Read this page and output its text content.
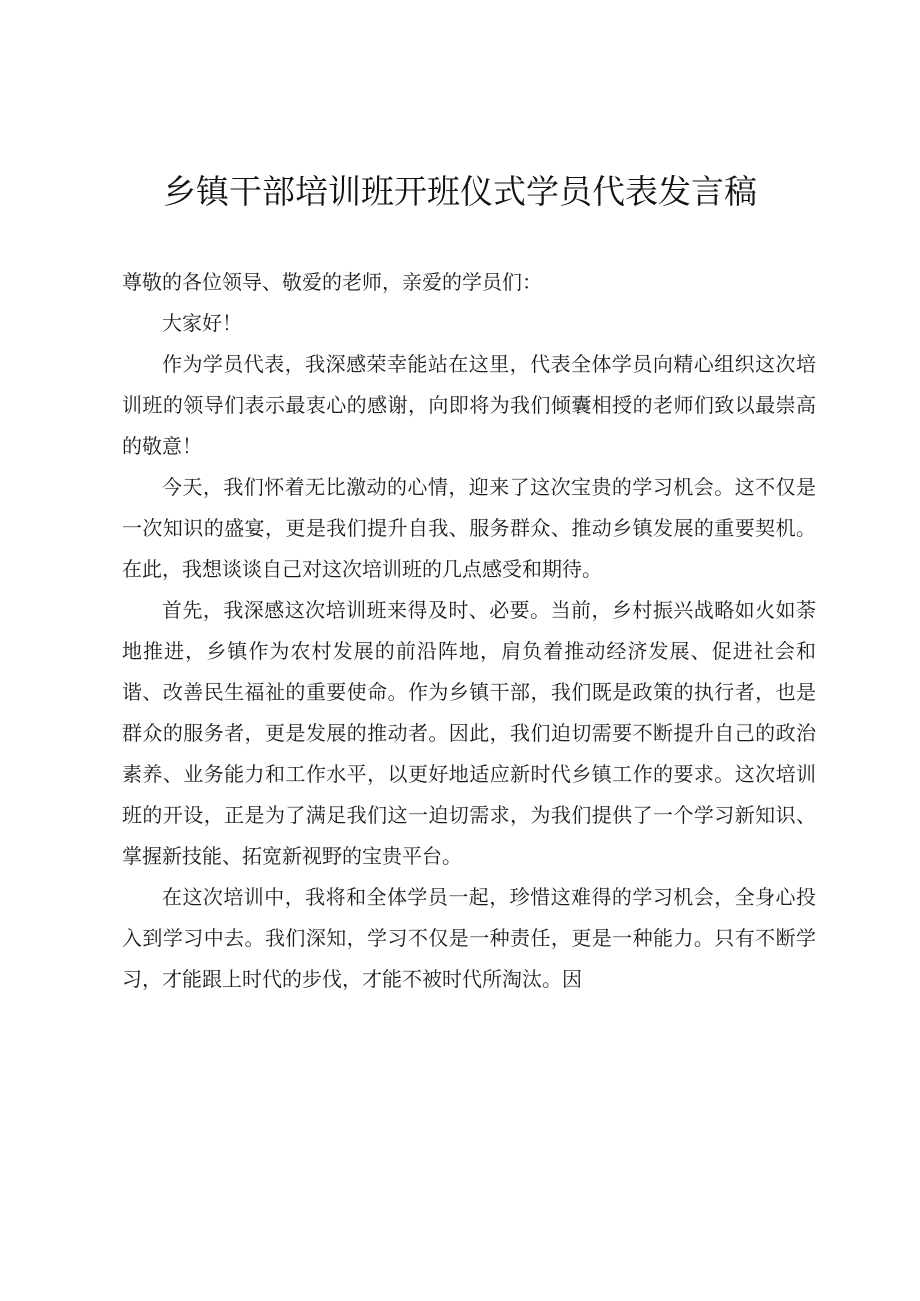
乡镇干部培训班开班仪式学员代表发言稿

尊敬的各位领导、敬爱的老师，亲爱的学员们：

大家好！

作为学员代表，我深感荣幸能站在这里，代表全体学员向精心组织这次培训班的领导们表示最衷心的感谢，向即将为我们倾囊相授的老师们致以最崇高的敬意！

今天，我们怀着无比激动的心情，迎来了这次宝贵的学习机会。这不仅是一次知识的盛宴，更是我们提升自我、服务群众、推动乡镇发展的重要契机。在此，我想谈谈自己对这次培训班的几点感受和期待。

首先，我深感这次培训班来得及时、必要。当前，乡村振兴战略如火如荼地推进，乡镇作为农村发展的前沿阵地，肩负着推动经济发展、促进社会和谐、改善民生福祉的重要使命。作为乡镇干部，我们既是政策的执行者，也是群众的服务者，更是发展的推动者。因此，我们迫切需要不断提升自己的政治素养、业务能力和工作水平，以更好地适应新时代乡镇工作的要求。这次培训班的开设，正是为了满足我们这一迫切需求，为我们提供了一个学习新知识、掌握新技能、拓宽新视野的宝贵平台。

在这次培训中，我将和全体学员一起，珍惜这难得的学习机会，全身心投入到学习中去。我们深知，学习不仅是一种责任，更是一种能力。只有不断学习，才能跟上时代的步伐，才能不被时代所淘汰。因
